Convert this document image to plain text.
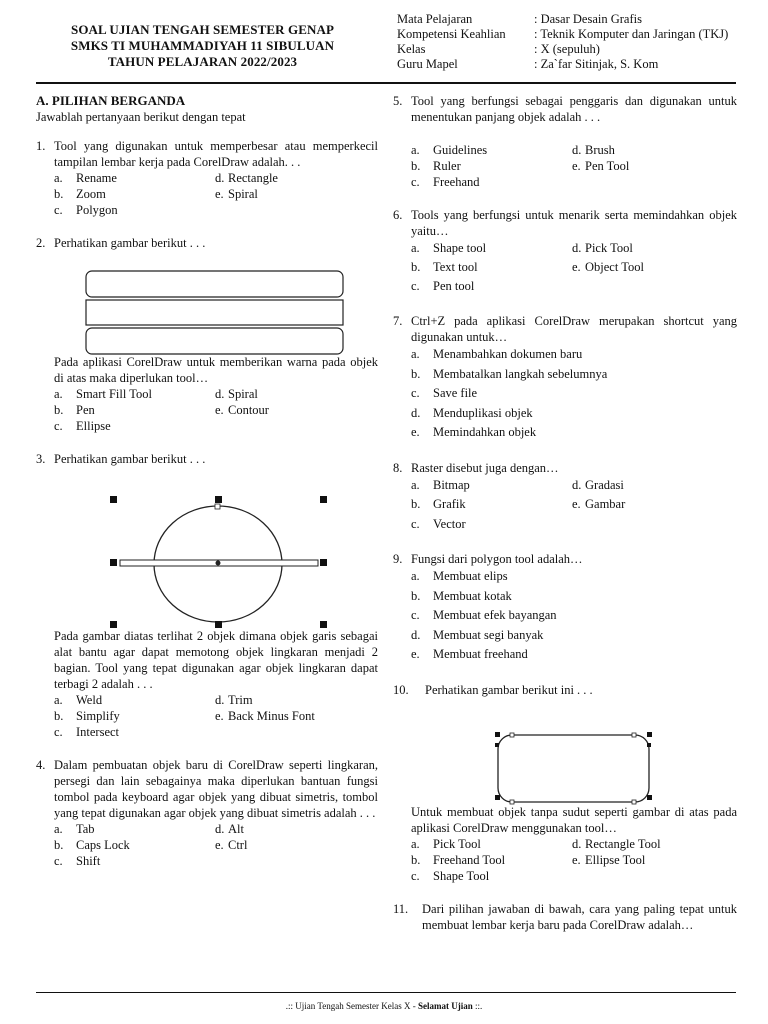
SOAL UJIAN TENGAH SEMESTER GENAP
SMKS TI MUHAMMADIYAH 11 SIBULUAN
TAHUN PELAJARAN 2022/2023
Mata Pelajaran	: Dasar Desain Grafis
Kompetensi Keahlian	: Teknik Komputer dan Jaringan (TKJ)
Kelas	: X (sepuluh)
Guru Mapel	: Za`far Sitinjak, S. Kom
A. PILIHAN BERGANDA
Jawablah pertanyaan berikut dengan tepat
1. Tool yang digunakan untuk memperbesar atau memperkecil tampilan lembar kerja pada CorelDraw adalah. . .
a.	Rename	d. Rectangle
b.	Zoom	e. Spiral
c.	Polygon
2. Perhatikan gambar berikut . . .
Pada aplikasi CorelDraw untuk memberikan warna pada objek di atas maka diperlukan tool…
a.	Smart Fill Tool	d. Spiral
b.	Pen	e. Contour
c.	Ellipse
3. Perhatikan gambar berikut . . .
Pada gambar diatas terlihat 2 objek dimana objek garis sebagai alat bantu agar dapat memotong objek lingkaran menjadi 2 bagian. Tool yang tepat digunakan agar objek lingkaran dapat terbagi 2 adalah . . .
a.	Weld	d. Trim
b.	Simplify	e. Back Minus Font
c.	Intersect
4. Dalam pembuatan objek baru di CorelDraw seperti lingkaran, persegi dan lain sebagainya maka diperlukan bantuan fungsi tombol pada keyboard agar objek yang dibuat simetris, tombol yang tepat digunakan agar objek yang dibuat simetris adalah . . .
a.	Tab	d. Alt
b.	Caps Lock	e. Ctrl
c.	Shift
5. Tool yang berfungsi sebagai penggaris dan digunakan untuk menentukan panjang objek adalah . . .
a.	Guidelines	d. Brush
b.	Ruler	e. Pen Tool
c.	Freehand
6. Tools yang berfungsi untuk menarik serta memindahkan objek yaitu…
a.	Shape tool	d. Pick Tool
b.	Text tool	e. Object Tool
c.	Pen tool
7. Ctrl+Z pada aplikasi CorelDraw merupakan shortcut yang digunakan untuk…
a.	Menambahkan dokumen baru
b.	Membatalkan langkah sebelumnya
c.	Save file
d.	Menduplikasi objek
e.	Memindahkan objek
8. Raster disebut juga dengan…
a.	Bitmap	d. Gradasi
b.	Grafik	e. Gambar
c.	Vector
9. Fungsi dari polygon tool adalah…
a.	Membuat elips
b.	Membuat kotak
c.	Membuat efek bayangan
d.	Membuat segi banyak
e.	Membuat freehand
10.	Perhatikan gambar berikut ini . . .
Untuk membuat objek tanpa sudut seperti gambar di atas pada aplikasi CorelDraw menggunakan tool…
a.	Pick Tool	d. Rectangle Tool
b.	Freehand Tool	e. Ellipse Tool
c.	Shape Tool
11.	Dari pilihan jawaban di bawah, cara yang paling tepat untuk membuat lembar kerja baru pada CorelDraw adalah…
.:: Ujian Tengah Semester Kelas X - Selamat Ujian ::.
